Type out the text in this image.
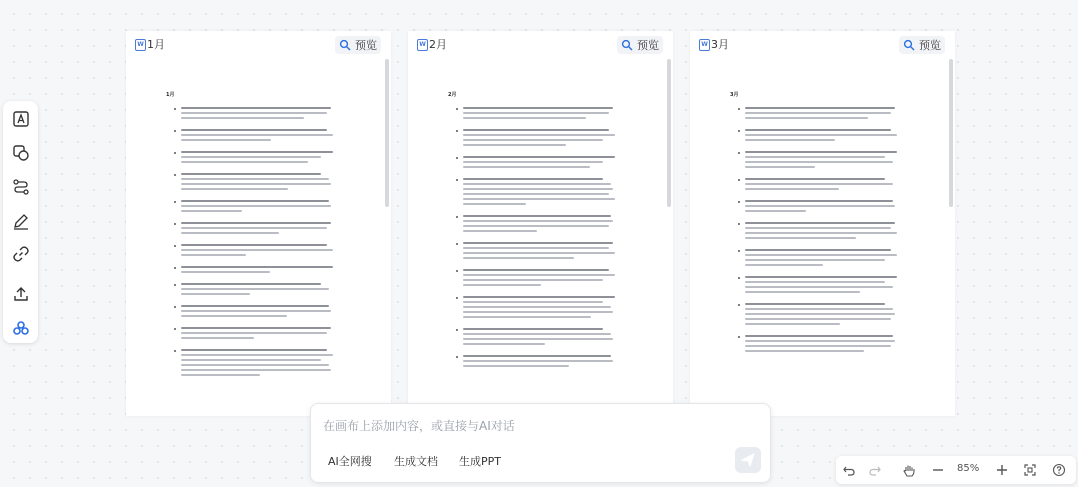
W 1月	预览
1月
W 2月	预览
2月
W 3月	预览
3月
在画布上添加内容，或直接与AI对话
AI全网搜 生成文档 生成PPT
85%
